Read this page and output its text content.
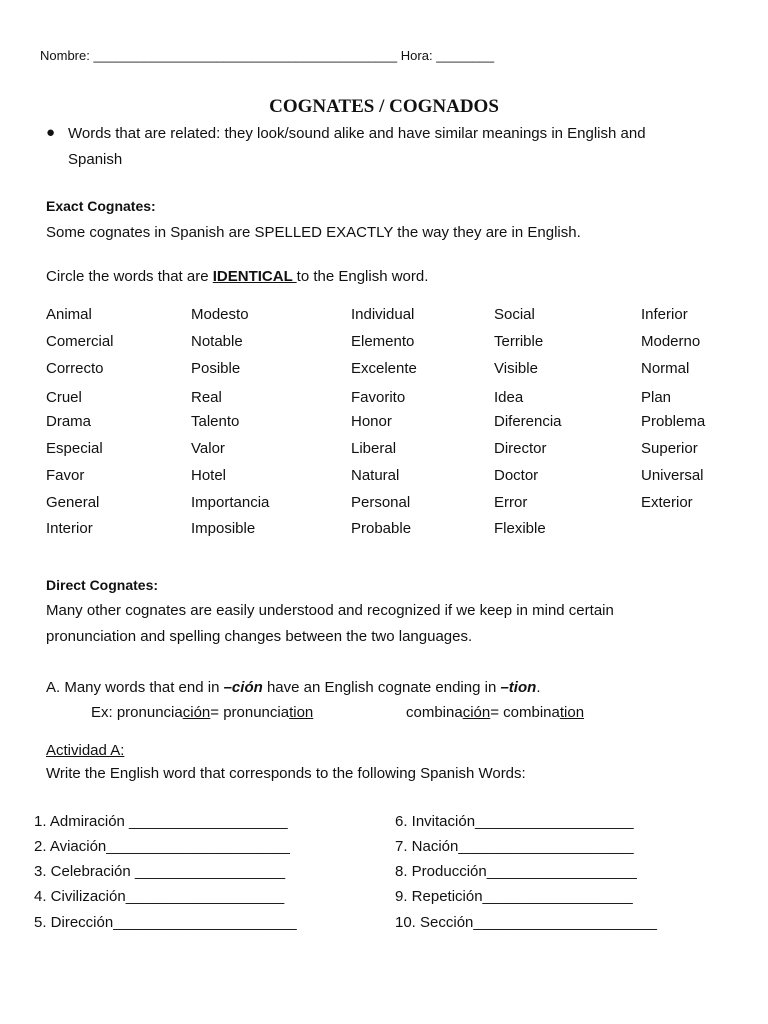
Nombre: __________________________________________ Hora: ________
COGNATES / COGNADOS
● Words that are related: they look/sound alike and have similar meanings in English and
Spanish
Exact Cognates:
Some cognates in Spanish are SPELLED EXACTLY the way they are in English.
Circle the words that are IDENTICAL to the English word.
Animal
Comercial
Correcto
Cruel
Drama
Especial
Favor
General
Interior
Modesto
Notable
Posible
Real
Talento
Valor
Hotel
Importancia
Imposible
Individual
Elemento
Excelente
Favorito
Honor
Liberal
Natural
Personal
Probable
Social
Terrible
Visible
Idea
Diferencia
Director
Doctor
Error
Flexible
Inferior
Moderno
Normal
Plan
Problema
Superior
Universal
Exterior
Direct Cognates:
Many other cognates are easily understood and recognized if we keep in mind certain
pronunciation and spelling changes between the two languages.
A. Many words that end in –ción have an English cognate ending in –tion.
Ex: pronunciación= pronunciation	combinación= combination
Actividad A:
Write the English word that corresponds to the following Spanish Words:
1. Admiración ___________________
2. Aviación______________________
3. Celebración __________________
4. Civilización___________________
5. Dirección______________________
6. Invitación___________________
7. Nación_____________________
8. Producción__________________
9. Repetición__________________
10. Sección______________________
